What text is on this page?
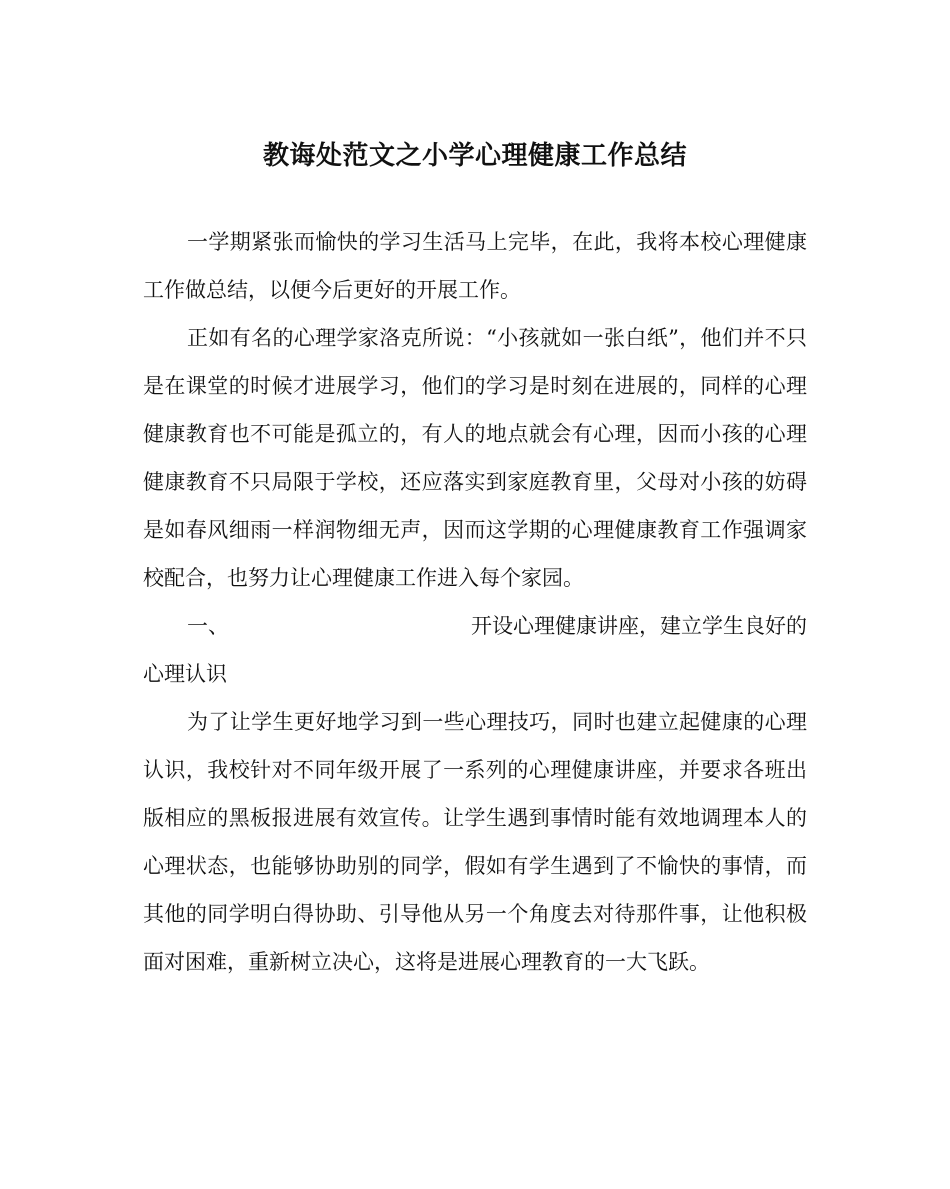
教诲处范文之小学心理健康工作总结

一学期紧张而愉快的学习生活马上完毕，在此，我将本校心理健康工作做总结，以便今后更好的开展工作。

正如有名的心理学家洛克所说：“小孩就如一张白纸”，他们并不只是在课堂的时候才进展学习，他们的学习是时刻在进展的，同样的心理健康教育也不可能是孤立的，有人的地点就会有心理，因而小孩的心理健康教育不只局限于学校，还应落实到家庭教育里，父母对小孩的妨碍是如春风细雨一样润物细无声，因而这学期的心理健康教育工作强调家校配合，也努力让心理健康工作进入每个家园。

一、	开设心理健康讲座，建立学生良好的
心理认识

为了让学生更好地学习到一些心理技巧，同时也建立起健康的心理认识，我校针对不同年级开展了一系列的心理健康讲座，并要求各班出版相应的黑板报进展有效宣传。让学生遇到事情时能有效地调理本人的心理状态，也能够协助别的同学，假如有学生遇到了不愉快的事情，而其他的同学明白得协助、引导他从另一个角度去对待那件事，让他积极面对困难，重新树立决心，这将是进展心理教育的一大飞跃。
